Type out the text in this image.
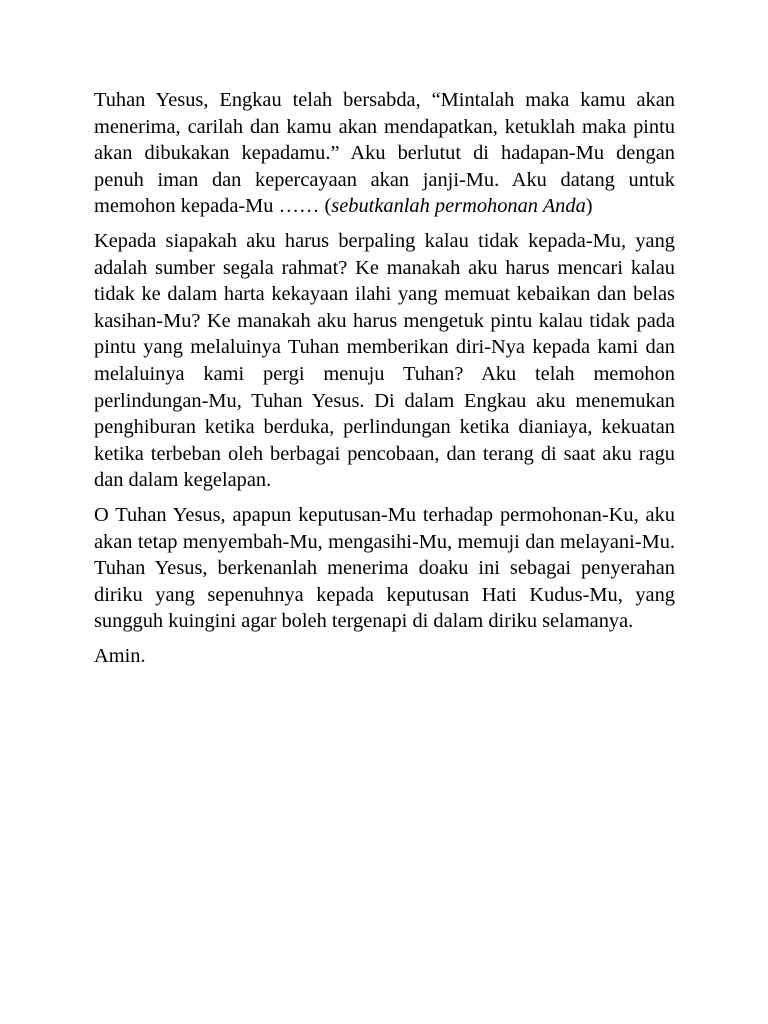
Tuhan Yesus, Engkau telah bersabda, “Mintalah maka kamu akan menerima, carilah dan kamu akan mendapatkan, ketuklah maka pintu akan dibukakan kepadamu.” Aku berlutut di hadapan-Mu dengan penuh iman dan kepercayaan akan janji-Mu. Aku datang untuk memohon kepada-Mu …… (sebutkanlah permohonan Anda)

Kepada siapakah aku harus berpaling kalau tidak kepada-Mu, yang adalah sumber segala rahmat? Ke manakah aku harus mencari kalau tidak ke dalam harta kekayaan ilahi yang memuat kebaikan dan belas kasihan-Mu? Ke manakah aku harus mengetuk pintu kalau tidak pada pintu yang melaluinya Tuhan memberikan diri-Nya kepada kami dan melaluinya kami pergi menuju Tuhan? Aku telah memohon perlindungan-Mu, Tuhan Yesus. Di dalam Engkau aku menemukan penghiburan ketika berduka, perlindungan ketika dianiaya, kekuatan ketika terbeban oleh berbagai pencobaan, dan terang di saat aku ragu dan dalam kegelapan.

O Tuhan Yesus, apapun keputusan-Mu terhadap permohonan-Ku, aku akan tetap menyembah-Mu, mengasihi-Mu, memuji dan melayani-Mu. Tuhan Yesus, berkenanlah menerima doaku ini sebagai penyerahan diriku yang sepenuhnya kepada keputusan Hati Kudus-Mu, yang sungguh kuingini agar boleh tergenapi di dalam diriku selamanya.

Amin.
